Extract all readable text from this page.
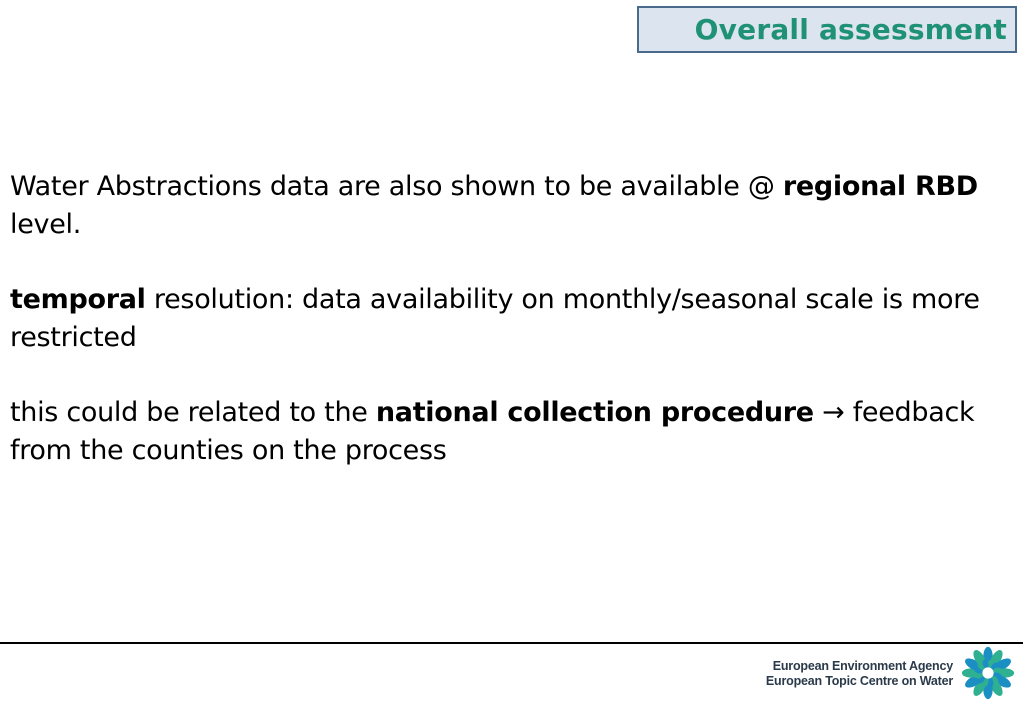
Overall assessment

Water Abstractions data are also shown to be available @ regional RBD level.

temporal resolution: data availability on monthly/seasonal scale is more restricted

this could be related to the national collection procedure → feedback from the counties on the process

European Environment Agency
European Topic Centre on Water
